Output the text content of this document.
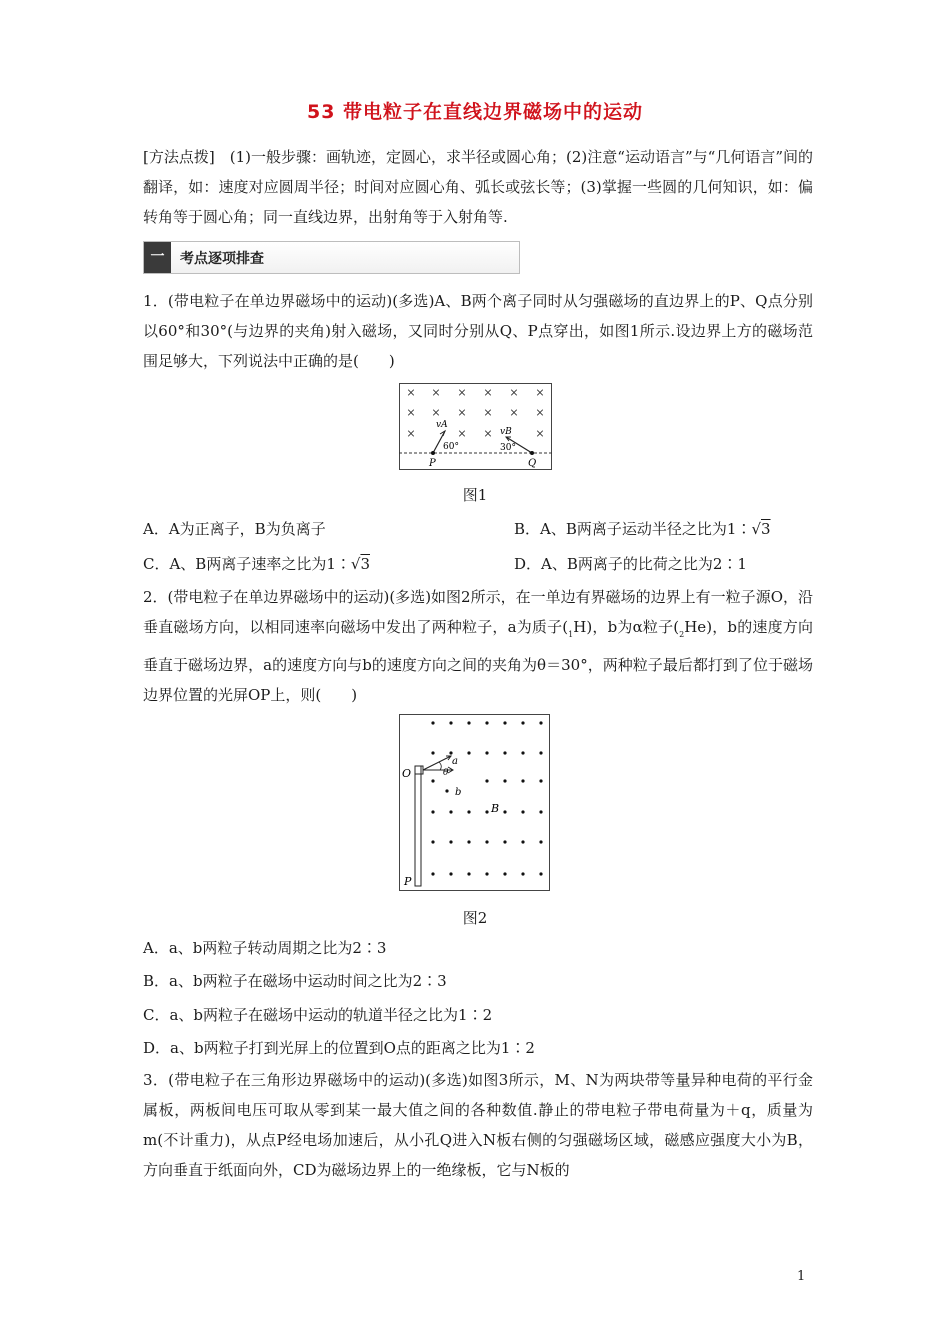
53 带电粒子在直线边界磁场中的运动
[方法点拨]　(1)一般步骤：画轨迹，定圆心，求半径或圆心角；(2)注意“运动语言”与“几何语言”间的翻译，如：速度对应圆周半径；时间对应圆心角、弧长或弦长等；(3)掌握一些圆的几何知识，如：偏转角等于圆心角；同一直线边界，出射角等于入射角等.
一	考点逐项排查
1．(带电粒子在单边界磁场中的运动)(多选)A、B两个离子同时从匀强磁场的直边界上的P、Q点分别以60°和30°(与边界的夹角)射入磁场，又同时分别从Q、P点穿出，如图1所示.设边界上方的磁场范围足够大，下列说法中正确的是(　　)
× × × × × ×
× × × × × ×
×	× ×	×
vA
vB
60°	30°
P	Q
图1
A．A为正离子，B为负离子	B．A、B两离子运动半径之比为1∶√3
C．A、B两离子速率之比为1∶√3	D．A、B两离子的比荷之比为2∶1
2．(带电粒子在单边界磁场中的运动)(多选)如图2所示，在一单边有界磁场的边界上有一粒子源O，沿垂直磁场方向，以相同速率向磁场中发出了两种粒子，a为质子$(_1H)$，b为α粒子$(_2He)$，b的速度方向垂直于磁场边界，a的速度方向与b的速度方向之间的夹角为θ＝30°，两种粒子最后都打到了位于磁场边界位置的光屏OP上，则(　　)
O
P
a
θ
b
B
图2
A．a、b两粒子转动周期之比为2∶3
B．a、b两粒子在磁场中运动时间之比为2∶3
C．a、b两粒子在磁场中运动的轨道半径之比为1∶2
D．a、b两粒子打到光屏上的位置到O点的距离之比为1∶2
3．(带电粒子在三角形边界磁场中的运动)(多选)如图3所示，M、N为两块带等量异种电荷的平行金属板，两板间电压可取从零到某一最大值之间的各种数值.静止的带电粒子带电荷量为＋q，质量为m(不计重力)，从点P经电场加速后，从小孔Q进入N板右侧的匀强磁场区域，磁感应强度大小为B，方向垂直于纸面向外，CD为磁场边界上的一绝缘板，它与N板的
1
